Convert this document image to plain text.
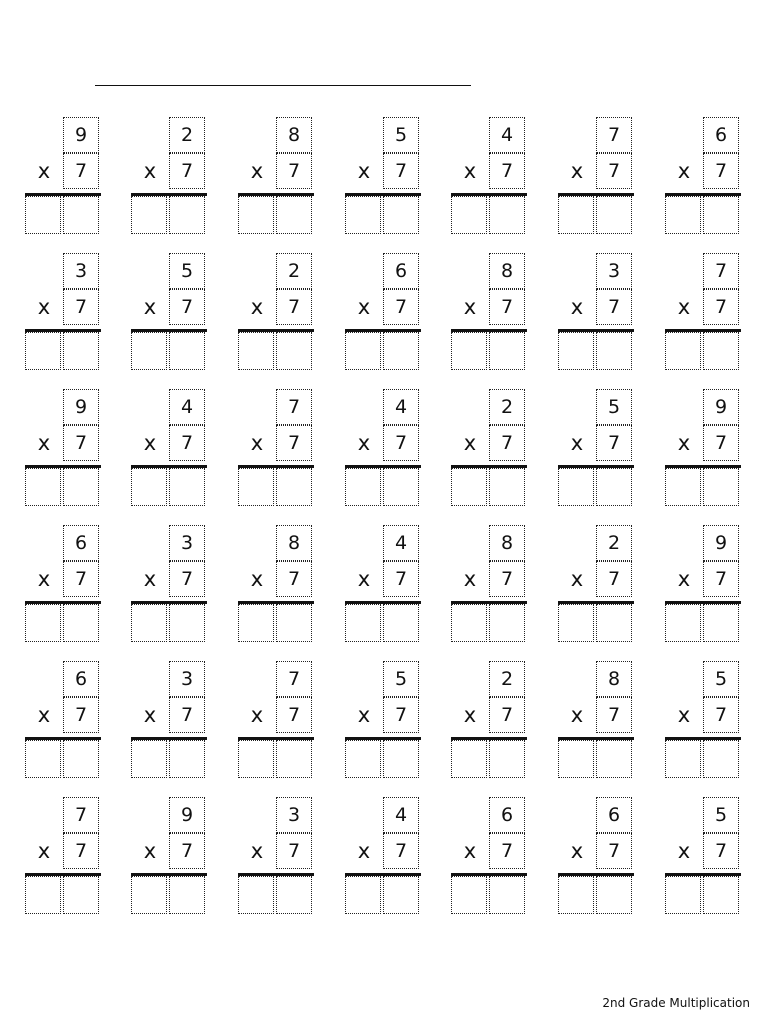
9
x	7
2
x	7
8
x	7
5
x	7
4
x	7
7
x	7
6
x	7
3
x	7
5
x	7
2
x	7
6
x	7
8
x	7
3
x	7
7
x	7
9
x	7
4
x	7
7
x	7
4
x	7
2
x	7
5
x	7
9
x	7
6
x	7
3
x	7
8
x	7
4
x	7
8
x	7
2
x	7
9
x	7
6
x	7
3
x	7
7
x	7
5
x	7
2
x	7
8
x	7
5
x	7
7
x	7
9
x	7
3
x	7
4
x	7
6
x	7
6
x	7
5
x	7
2nd Grade Multiplication
